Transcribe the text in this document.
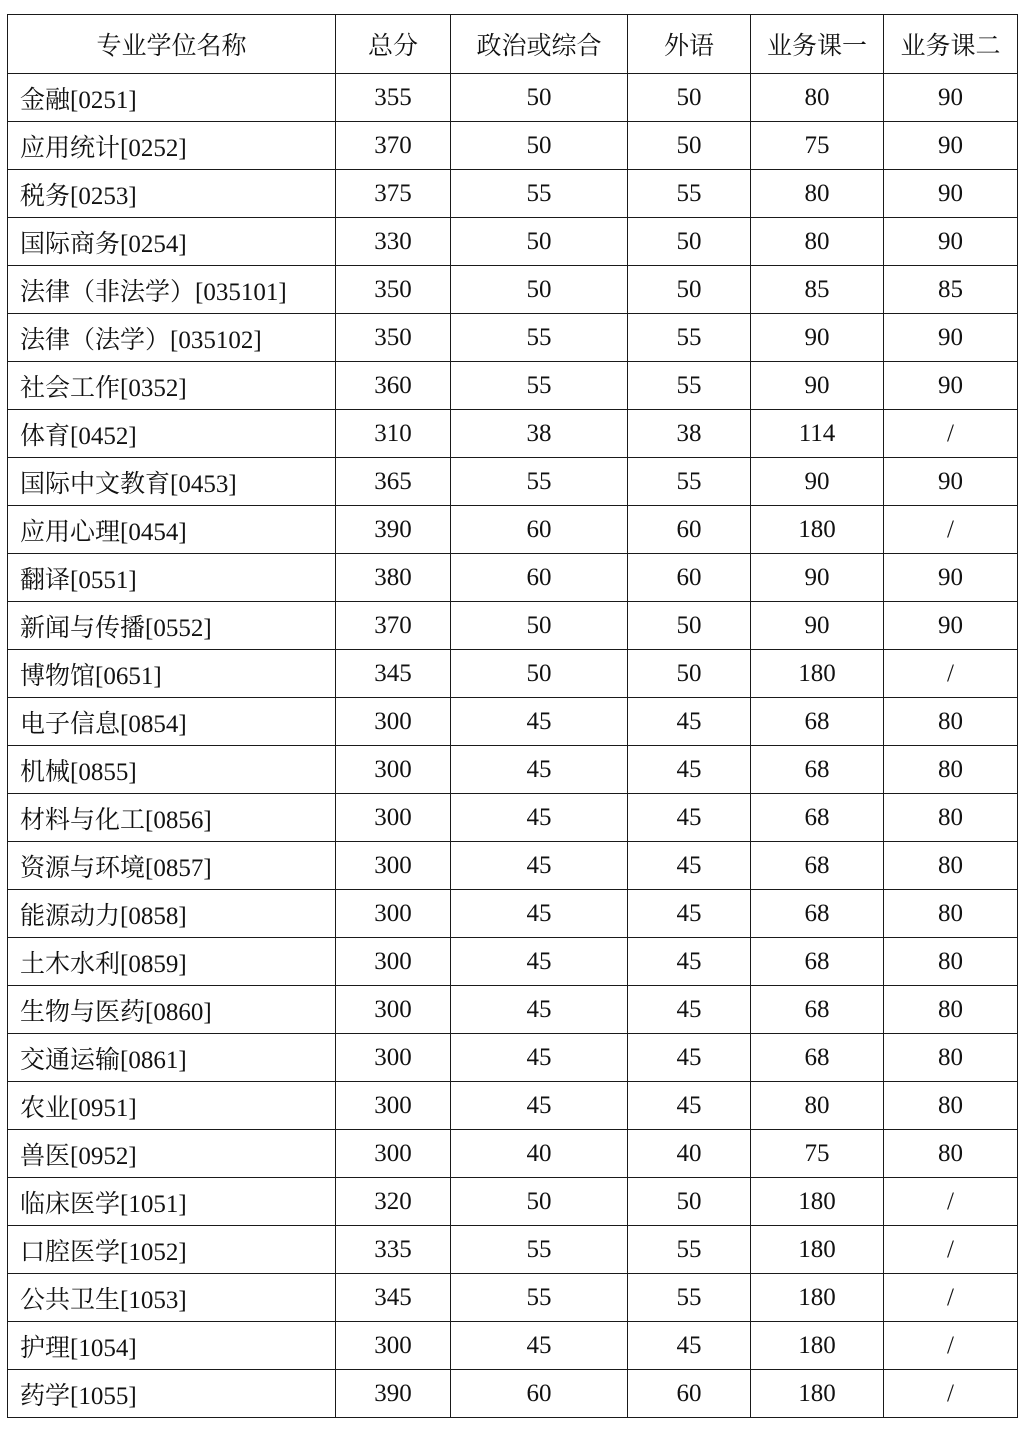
专业学位名称	总分	政治或综合	外语	业务课一	业务课二
金融[0251]	355	50	50	80	90
应用统计[0252]	370	50	50	75	90
税务[0253]	375	55	55	80	90
国际商务[0254]	330	50	50	80	90
法律（非法学）[035101]	350	50	50	85	85
法律（法学）[035102]	350	55	55	90	90
社会工作[0352]	360	55	55	90	90
体育[0452]	310	38	38	114	/
国际中文教育[0453]	365	55	55	90	90
应用心理[0454]	390	60	60	180	/
翻译[0551]	380	60	60	90	90
新闻与传播[0552]	370	50	50	90	90
博物馆[0651]	345	50	50	180	/
电子信息[0854]	300	45	45	68	80
机械[0855]	300	45	45	68	80
材料与化工[0856]	300	45	45	68	80
资源与环境[0857]	300	45	45	68	80
能源动力[0858]	300	45	45	68	80
土木水利[0859]	300	45	45	68	80
生物与医药[0860]	300	45	45	68	80
交通运输[0861]	300	45	45	68	80
农业[0951]	300	45	45	80	80
兽医[0952]	300	40	40	75	80
临床医学[1051]	320	50	50	180	/
口腔医学[1052]	335	55	55	180	/
公共卫生[1053]	345	55	55	180	/
护理[1054]	300	45	45	180	/
药学[1055]	390	60	60	180	/
